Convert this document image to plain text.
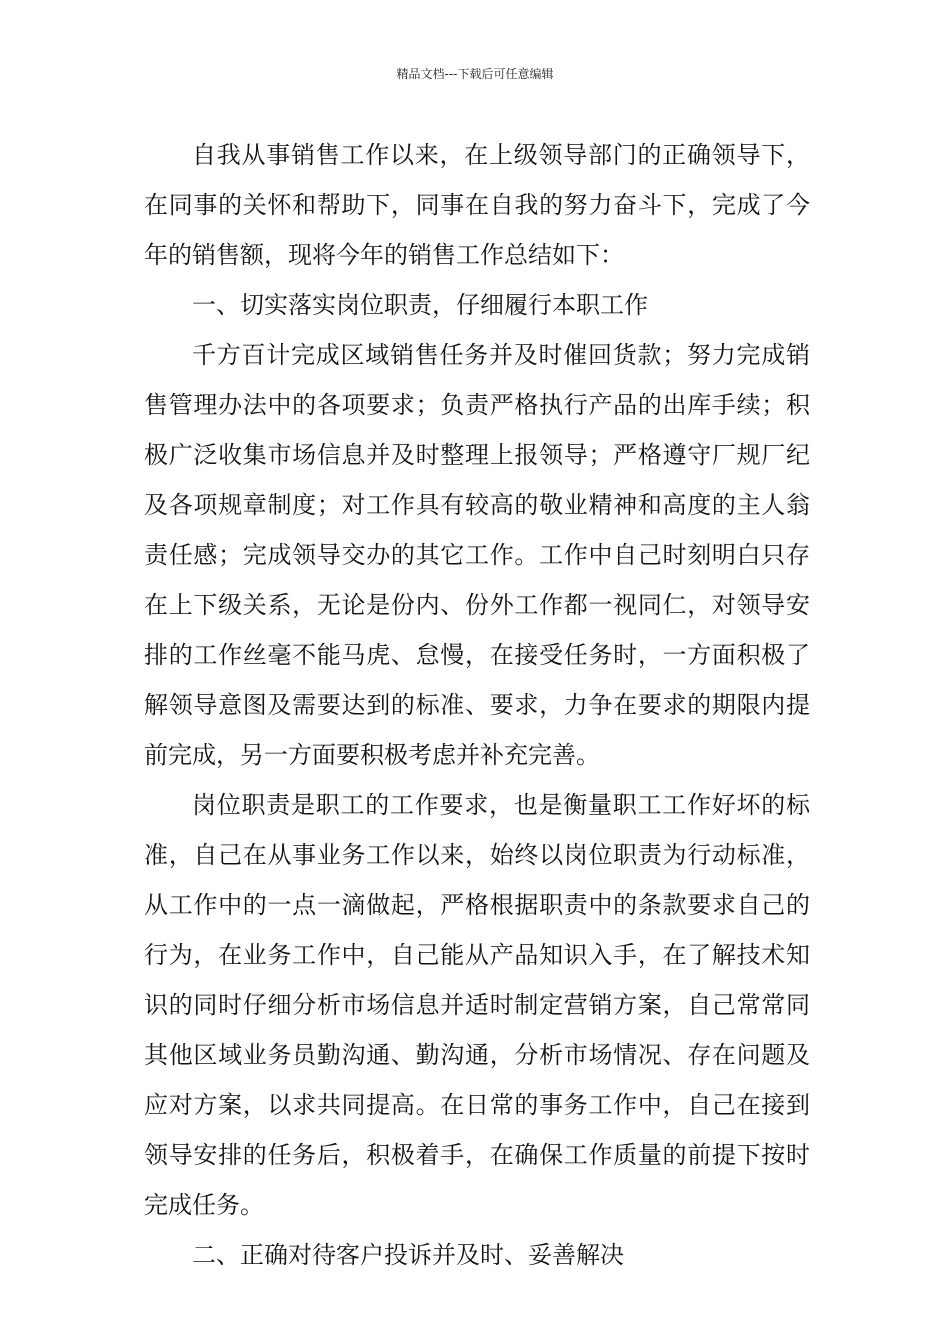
精品文档---下载后可任意编辑

自我从事销售工作以来，在上级领导部门的正确领导下，在同事的关怀和帮助下，同事在自我的努力奋斗下，完成了今年的销售额，现将今年的销售工作总结如下：

一、切实落实岗位职责，仔细履行本职工作

千方百计完成区域销售任务并及时催回货款；努力完成销售管理办法中的各项要求；负责严格执行产品的出库手续；积极广泛收集市场信息并及时整理上报领导；严格遵守厂规厂纪及各项规章制度；对工作具有较高的敬业精神和高度的主人翁责任感；完成领导交办的其它工作。工作中自己时刻明白只存在上下级关系，无论是份内、份外工作都一视同仁，对领导安排的工作丝毫不能马虎、怠慢，在接受任务时，一方面积极了解领导意图及需要达到的标准、要求，力争在要求的期限内提前完成，另一方面要积极考虑并补充完善。

岗位职责是职工的工作要求，也是衡量职工工作好坏的标准，自己在从事业务工作以来，始终以岗位职责为行动标准，从工作中的一点一滴做起，严格根据职责中的条款要求自己的行为，在业务工作中，自己能从产品知识入手，在了解技术知识的同时仔细分析市场信息并适时制定营销方案，自己常常同其他区域业务员勤沟通、勤沟通，分析市场情况、存在问题及应对方案，以求共同提高。在日常的事务工作中，自己在接到领导安排的任务后，积极着手，在确保工作质量的前提下按时完成任务。

二、正确对待客户投诉并及时、妥善解决
